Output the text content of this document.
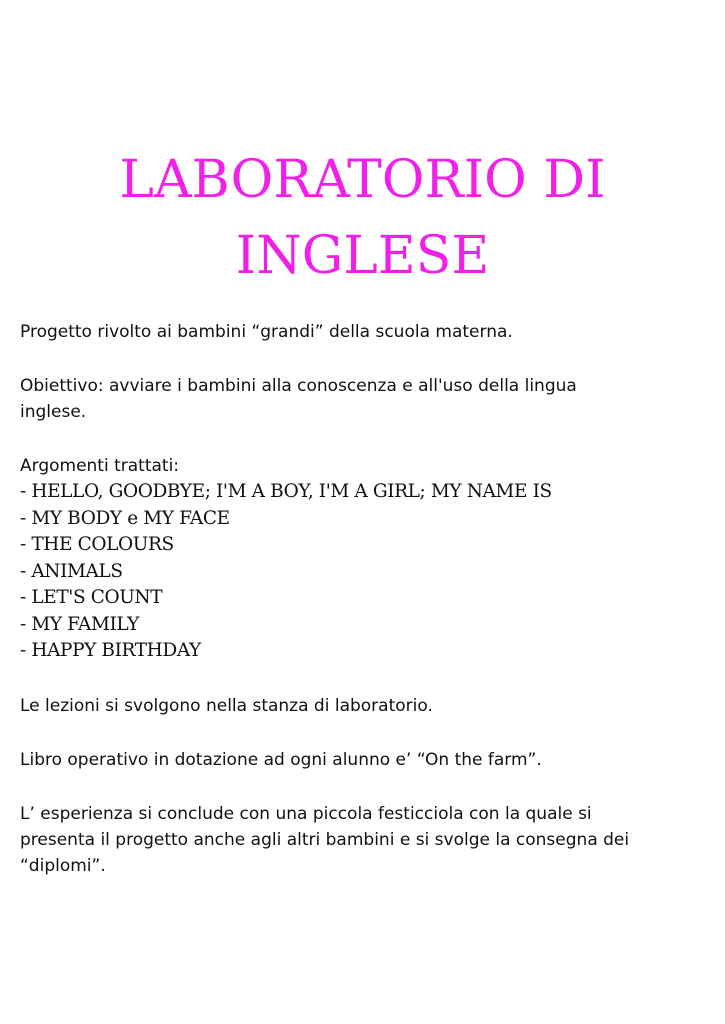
LABORATORIO DI
INGLESE

Progetto rivolto ai bambini “grandi” della scuola materna.

Obiettivo: avviare i bambini alla conoscenza e all'uso della lingua

inglese.

Argomenti trattati:

- HELLO, GOODBYE; I'M A BOY, I'M A GIRL; MY NAME IS
- MY BODY e MY FACE
- THE COLOURS
- ANIMALS
- LET'S COUNT
- MY FAMILY
- HAPPY BIRTHDAY

Le lezioni si svolgono nella stanza di laboratorio.

Libro operativo in dotazione ad ogni alunno e’ “On the farm”.

L’ esperienza si conclude con una piccola festicciola con la quale si

presenta il progetto anche agli altri bambini e si svolge la consegna dei

“diplomi”.
